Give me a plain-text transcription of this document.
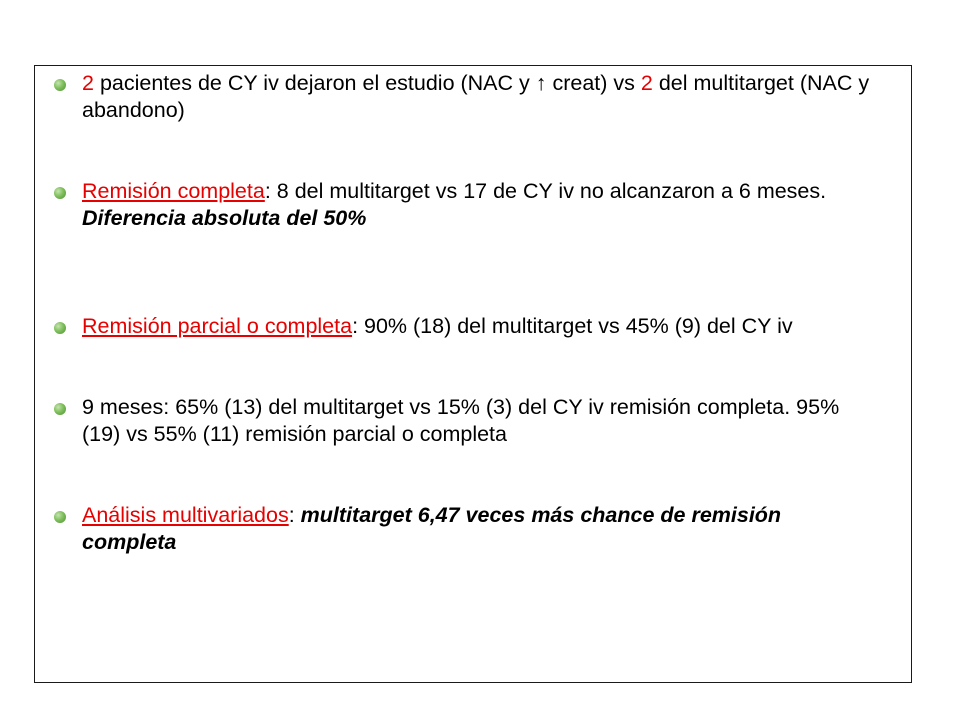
2 pacientes de CY iv dejaron el estudio (NAC y ↑ creat) vs 2 del multitarget (NAC y abandono)
Remisión completa: 8 del multitarget vs 17 de CY iv no alcanzaron a 6 meses. Diferencia absoluta del 50%
Remisión parcial o completa: 90% (18) del multitarget vs 45% (9) del CY iv
9 meses: 65% (13) del multitarget vs 15% (3) del CY iv remisión completa. 95% (19) vs 55% (11) remisión parcial o completa
Análisis multivariados: multitarget 6,47 veces más chance de remisión completa
